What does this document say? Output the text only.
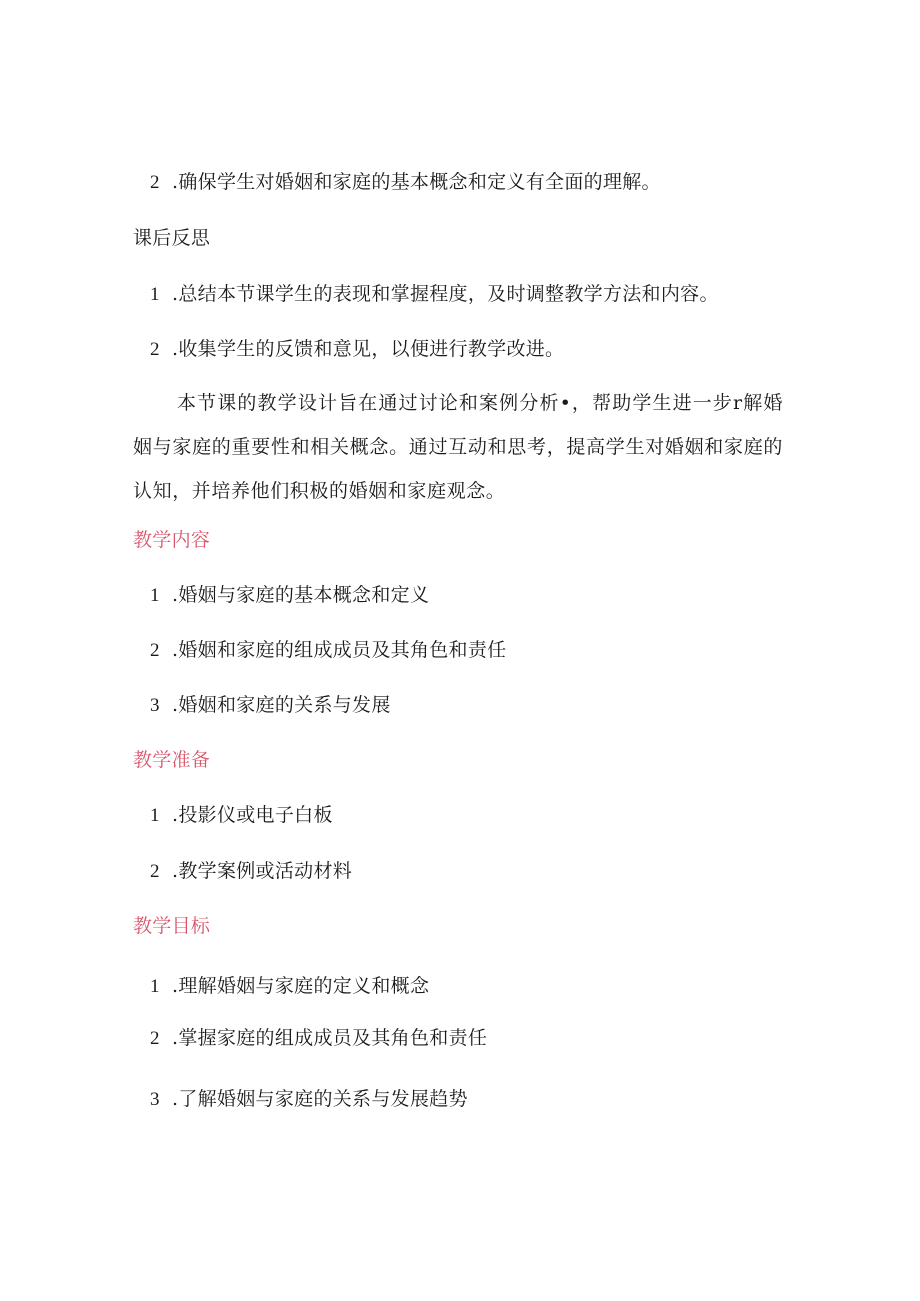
2 .确保学生对婚姻和家庭的基本概念和定义有全面的理解。
课后反思
1 .总结本节课学生的表现和掌握程度，及时调整教学方法和内容。
2 .收集学生的反馈和意见，以便进行教学改进。
本节课的教学设计旨在通过讨论和案例分析•，帮助学生进一步r解婚姻与家庭的重要性和相关概念。通过互动和思考，提高学生对婚姻和家庭的认知，并培养他们积极的婚姻和家庭观念。
教学内容
1 .婚姻与家庭的基本概念和定义
2 .婚姻和家庭的组成成员及其角色和责任
3 .婚姻和家庭的关系与发展
教学准备
1 .投影仪或电子白板
2 .教学案例或活动材料
教学目标
1 .理解婚姻与家庭的定义和概念
2 .掌握家庭的组成成员及其角色和责任
3 .了解婚姻与家庭的关系与发展趋势
